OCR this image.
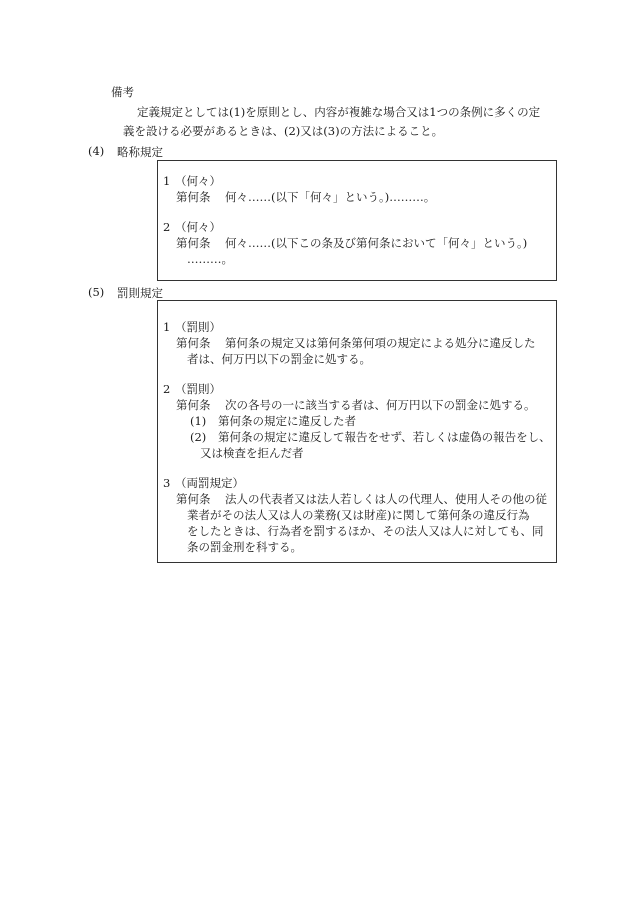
備考
定義規定としては(1)を原則とし、内容が複雑な場合又は1つの条例に多くの定
義を設ける必要があるときは、(2)又は(3)の方法によること。
(4) 略称規定
1 （何々）
第何条 何々……(以下「何々」という。)………。
2 （何々）
第何条 何々……(以下この条及び第何条において「何々」という。)
………。
(5) 罰則規定
1 （罰則）
第何条 第何条の規定又は第何条第何項の規定による処分に違反した
者は、何万円以下の罰金に処する。
2 （罰則）
第何条 次の各号の一に該当する者は、何万円以下の罰金に処する。
(1) 第何条の規定に違反した者
(2) 第何条の規定に違反して報告をせず、若しくは虚偽の報告をし、
又は検査を拒んだ者
3 （両罰規定）
第何条 法人の代表者又は法人若しくは人の代理人、使用人その他の従
業者がその法人又は人の業務(又は財産)に関して第何条の違反行為
をしたときは、行為者を罰するほか、その法人又は人に対しても、同
条の罰金刑を科する。
